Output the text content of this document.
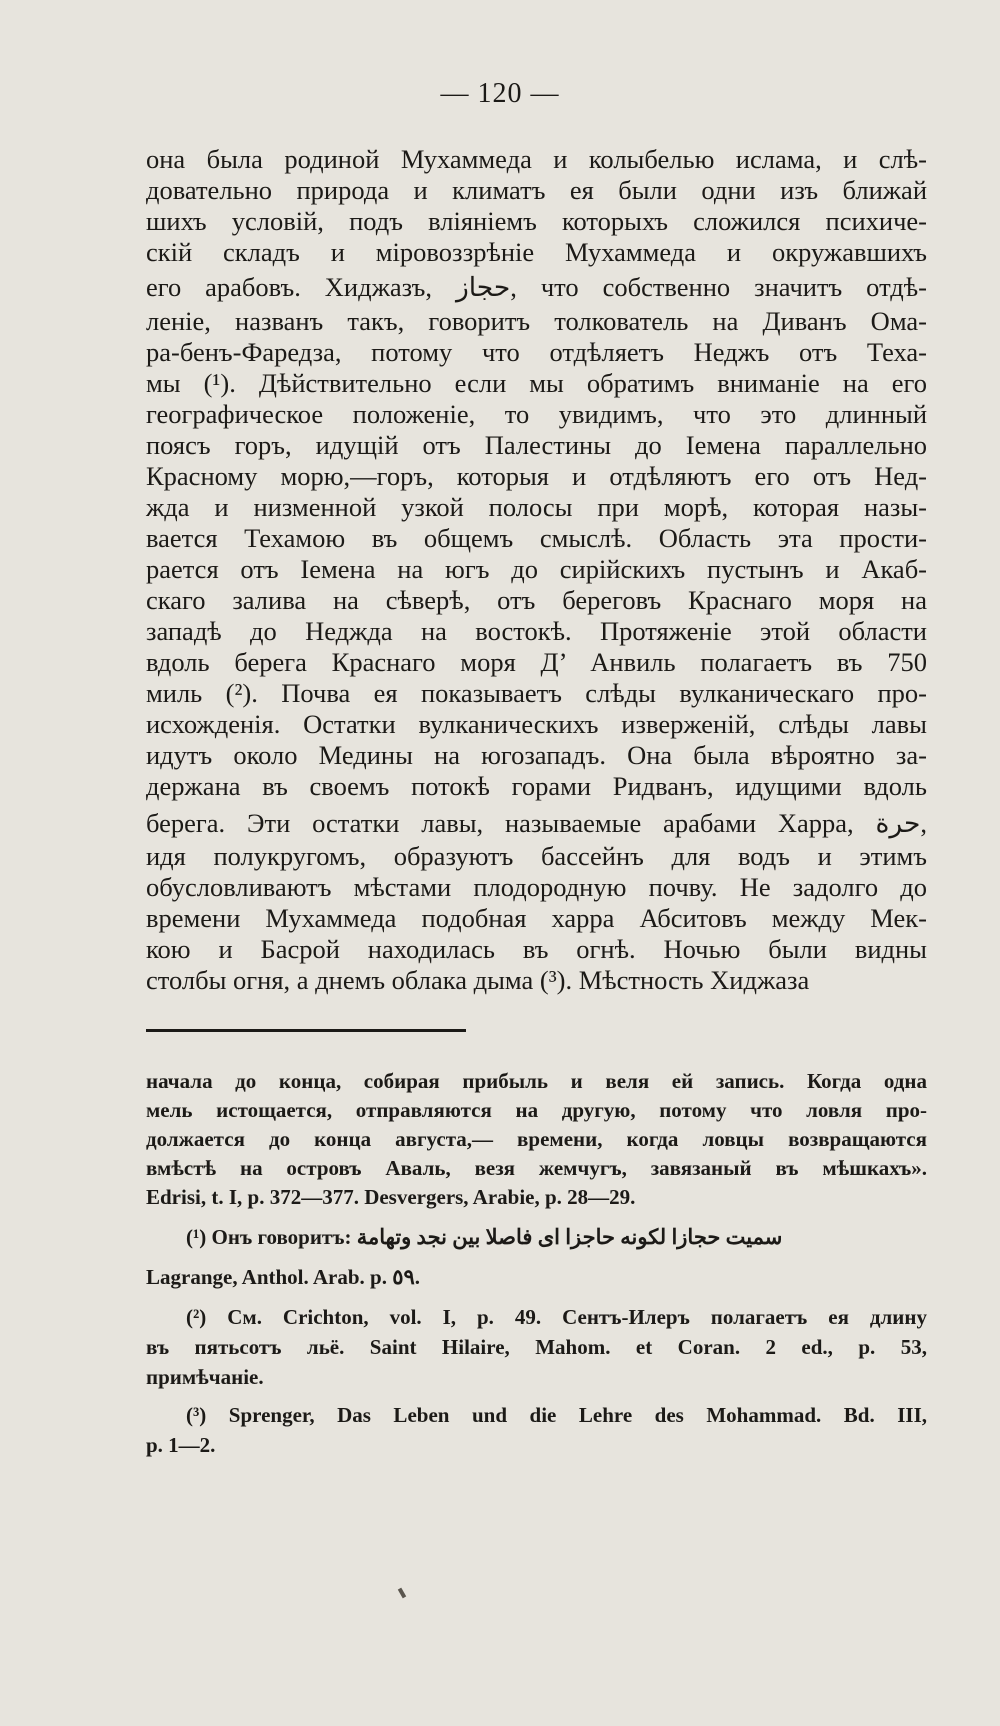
— 120 —
она была родиной Мухаммеда и колыбелью ислама, и слѣ-
довательно природа и климатъ ея были одни изъ ближай
шихъ условій, подъ вліяніемъ которыхъ сложился психиче-
скій складъ и міровоззрѣніе Мухаммеда и окружавшихъ
его арабовъ. Хиджазъ, حجاز, что собственно значитъ отдѣ-
леніе, названъ такъ, говоритъ толкователь на Диванъ Ома-
ра-бенъ-Фаредза, потому что отдѣляетъ Неджъ отъ Теха-
мы (¹). Дѣйствительно если мы обратимъ вниманіе на его
географическое положеніе, то увидимъ, что это длинный
поясъ горъ, идущій отъ Палестины до Іемена параллельно
Красному морю,—горъ, которыя и отдѣляютъ его отъ Нед-
жда и низменной узкой полосы при морѣ, которая назы-
вается Техамою въ общемъ смыслѣ. Область эта прости-
рается отъ Іемена на югъ до сирійскихъ пустынъ и Акаб-
скаго залива на сѣверѣ, отъ береговъ Краснаго моря на
западѣ до Неджда на востокѣ. Протяженіе этой области
вдоль берега Краснаго моря Д’ Анвиль полагаетъ въ 750
миль (²). Почва ея показываетъ слѣды вулканическаго про-
исхожденія. Остатки вулканическихъ изверженій, слѣды лавы
идутъ около Медины на югозападъ. Она была вѣроятно за-
держана въ своемъ потокѣ горами Ридванъ, идущими вдоль
берега. Эти остатки лавы, называемые арабами Харра, حرة,
идя полукругомъ, образуютъ бассейнъ для водъ и этимъ
обусловливаютъ мѣстами плодородную почву. Не задолго до
времени Мухаммеда подобная харра Абситовъ между Мек-
кою и Басрой находилась въ огнѣ. Ночью были видны
столбы огня, а днемъ облака дыма (³). Мѣстность Хиджаза
начала до конца, собирая прибыль и веля ей запись. Когда одна
мель истощается, отправляются на другую, потому что ловля про-
должается до конца августа,— времени, когда ловцы возвращаются
вмѣстѣ на островъ Аваль, везя жемчугъ, завязаный въ мѣшкахъ».
Edrisi, t. I, p. 372—377. Desvergers, Arabie, p. 28—29.
(¹) Онъ говоритъ: سميت حجازا لكونه حاجزا اى فاصلا بين نجد وتهامة
Lagrange, Anthol. Arab. p. ٥٩.
(²) См. Crichton, vol. I, p. 49. Сентъ-Илеръ полагаетъ ея длину
въ пятьсотъ льё. Saint Hilaire, Mahom. et Coran. 2 ed., p. 53,
примѣчаніе.
(³) Sprenger, Das Leben und die Lehre des Mohammad. Bd. III,
p. 1—2.
